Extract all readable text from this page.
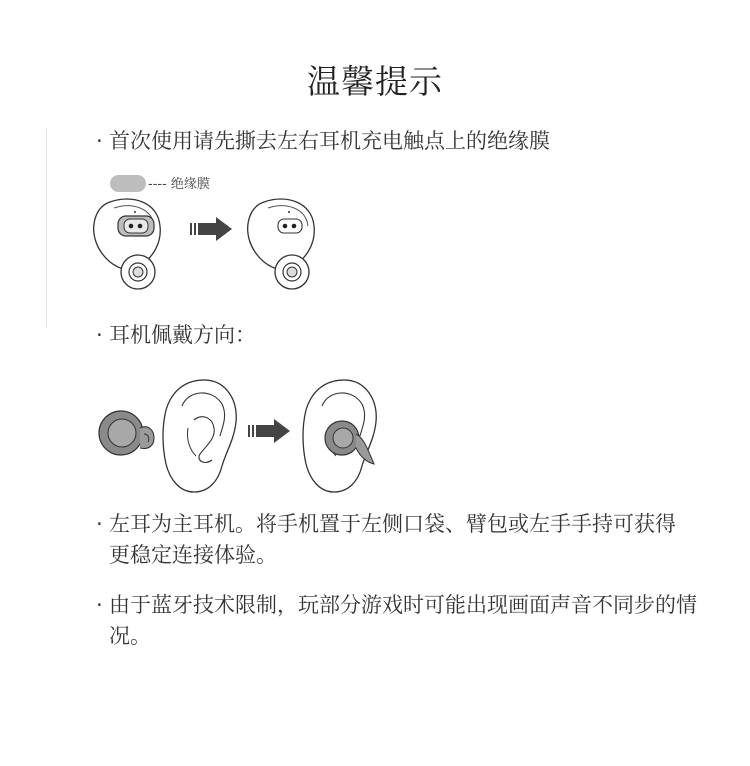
温馨提示
· 首次使用请先撕去左右耳机充电触点上的绝缘膜
---- 绝缘膜
· 耳机佩戴方向：
· 左耳为主耳机。将手机置于左侧口袋、臂包或左手手持可获得更稳定连接体验。
· 由于蓝牙技术限制，玩部分游戏时可能出现画面声音不同步的情况。
